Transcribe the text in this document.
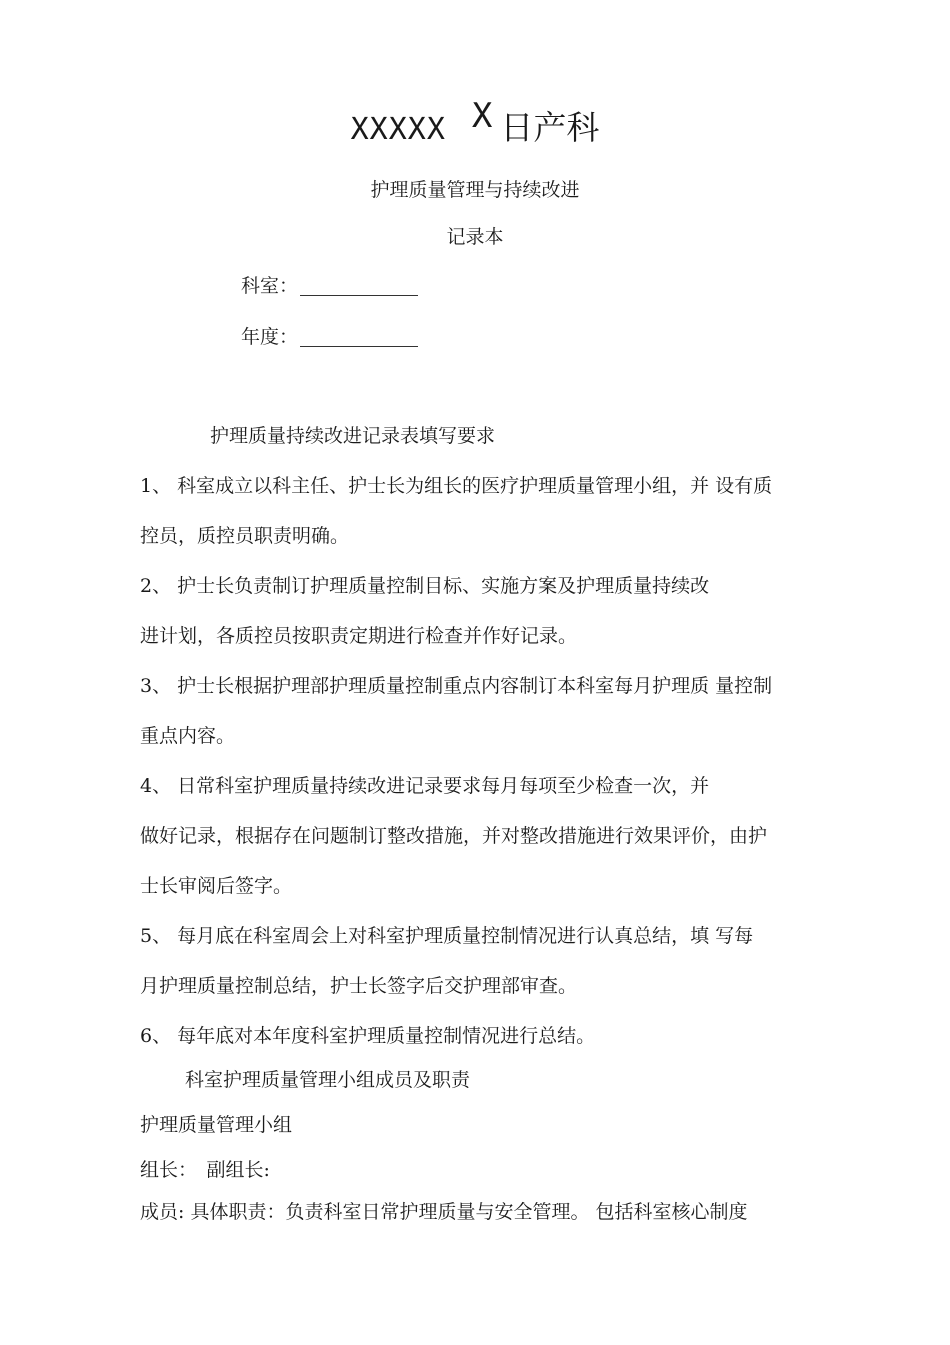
XXXXX X 日产科
护理质量管理与持续改进
记录本
科室：
年度：
护理质量持续改进记录表填写要求
1、 科室成立以科主任、护士长为组长的医疗护理质量管理小组，并 设有质
控员，质控员职责明确。
2、 护士长负责制订护理质量控制目标、实施方案及护理质量持续改
进计划，各质控员按职责定期进行检查并作好记录。
3、 护士长根据护理部护理质量控制重点内容制订本科室每月护理质 量控制
重点内容。
4、 日常科室护理质量持续改进记录要求每月每项至少检查一次，并
做好记录，根据存在问题制订整改措施，并对整改措施进行效果评价，由护
士长审阅后签字。
5、 每月底在科室周会上对科室护理质量控制情况进行认真总结，填 写每
月护理质量控制总结，护士长签字后交护理部审查。
6、 每年底对本年度科室护理质量控制情况进行总结。
科室护理质量管理小组成员及职责
护理质量管理小组
组长：　副组长:
成员: 具体职责：负责科室日常护理质量与安全管理。 包括科室核心制度
